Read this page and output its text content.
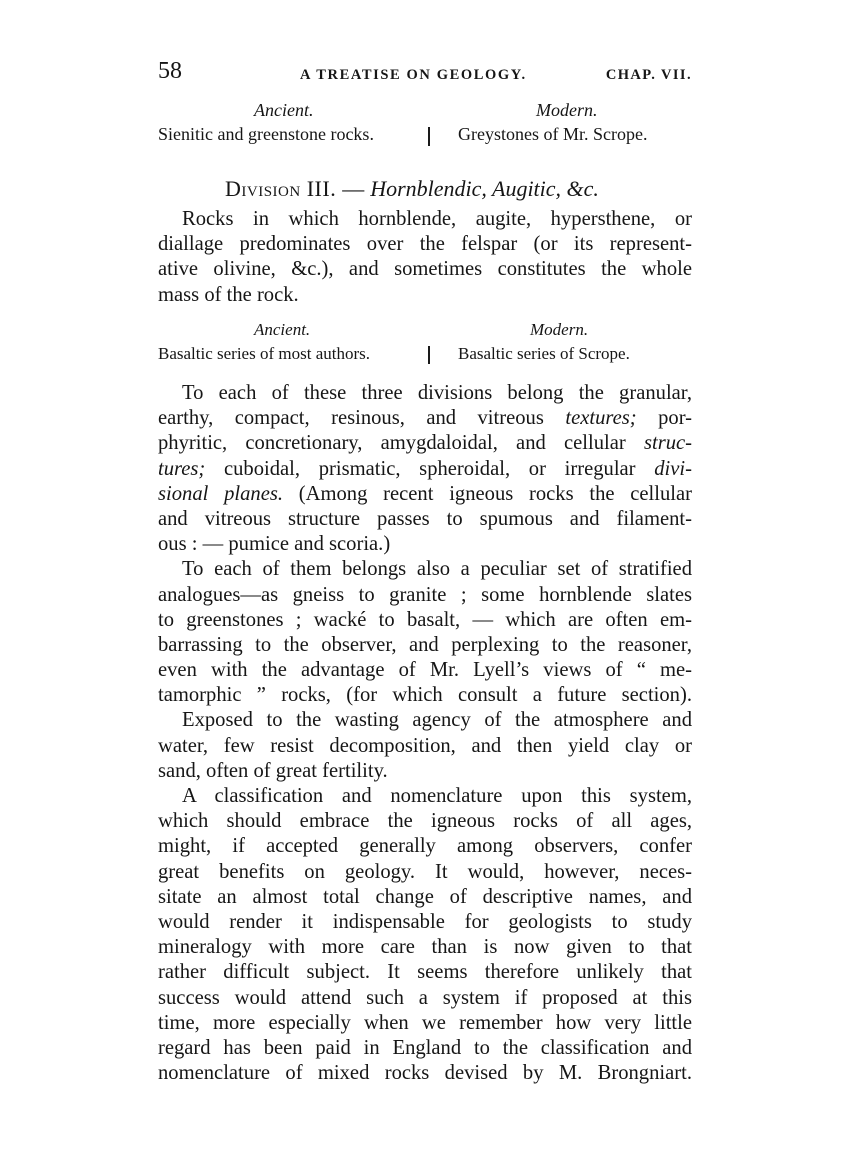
58	A TREATISE ON GEOLOGY.	CHAP. VII.
Ancient.	Modern.
Sienitic and greenstone rocks.	Greystones of Mr. Scrope.
Division III. — Hornblendic, Augitic, &c.
Rocks in which hornblende, augite, hypersthene, or
diallage predominates over the felspar (or its represent-
ative olivine, &c.), and sometimes constitutes the whole
mass of the rock.
Ancient.	Modern.
Basaltic series of most authors.	Basaltic series of Scrope.
To each of these three divisions belong the granular,
earthy, compact, resinous, and vitreous textures; por-
phyritic, concretionary, amygdaloidal, and cellular struc-
tures; cuboidal, prismatic, spheroidal, or irregular divi-
sional planes. (Among recent igneous rocks the cellular
and vitreous structure passes to spumous and filament-
ous : — pumice and scoria.)
To each of them belongs also a peculiar set of stratified
analogues—as gneiss to granite ; some hornblende slates
to greenstones ; wacké to basalt, — which are often em-
barrassing to the observer, and perplexing to the reasoner,
even with the advantage of Mr. Lyell’s views of “ me-
tamorphic ” rocks, (for which consult a future section).
Exposed to the wasting agency of the atmosphere and
water, few resist decomposition, and then yield clay or
sand, often of great fertility.
A classification and nomenclature upon this system,
which should embrace the igneous rocks of all ages,
might, if accepted generally among observers, confer
great benefits on geology. It would, however, neces-
sitate an almost total change of descriptive names, and
would render it indispensable for geologists to study
mineralogy with more care than is now given to that
rather difficult subject. It seems therefore unlikely that
success would attend such a system if proposed at this
time, more especially when we remember how very little
regard has been paid in England to the classification and
nomenclature of mixed rocks devised by M. Brongniart.
